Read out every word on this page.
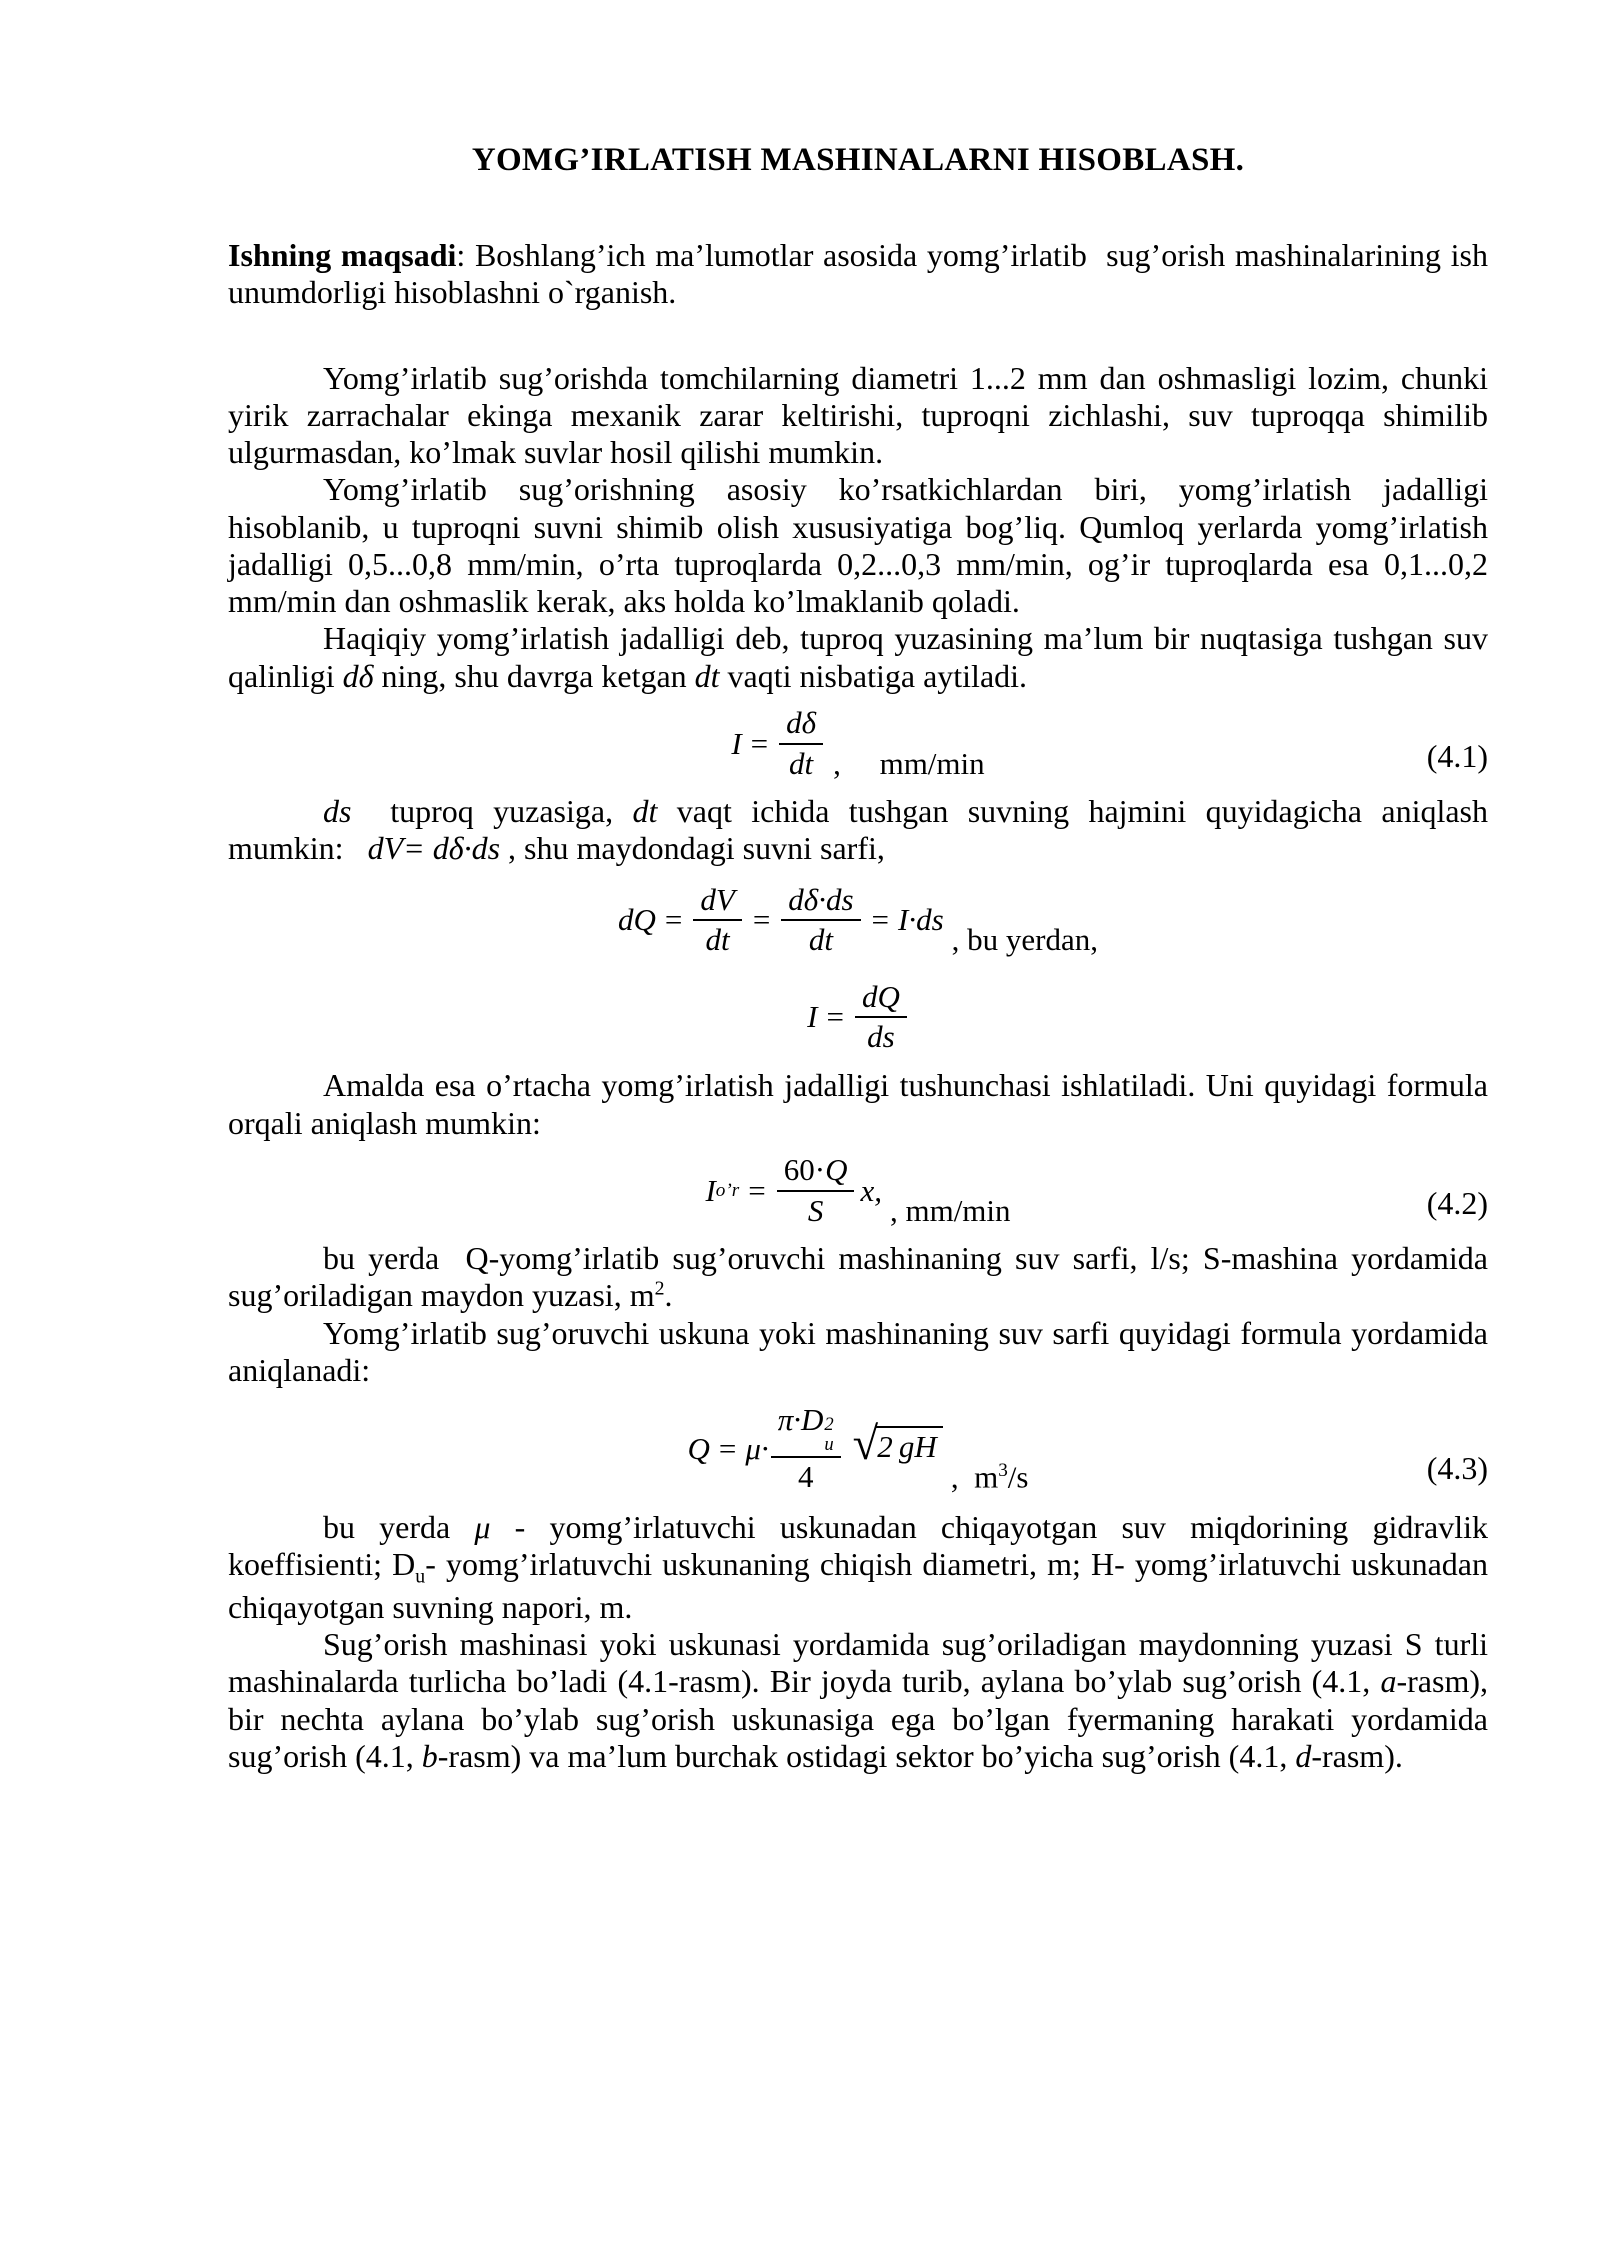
YOMG’IRLATISH MASHINALARNI HISOBLASH.

Ishning maqsadi: Boshlang’ich ma’lumotlar asosida yomg’irlatib  sug’orish mashinalarining ish unumdorligi hisoblashni o`rganish.

Yomg’irlatib sug’orishda tomchilarning diametri 1...2 mm dan oshmasligi lozim, chunki yirik zarrachalar ekinga mexanik zarar keltirishi, tuproqni zichlashi, suv tuproqqa shimilib ulgurmasdan, ko’lmak suvlar hosil qilishi mumkin.

Yomg’irlatib sug’orishning asosiy ko’rsatkichlardan biri, yomg’irlatish jadalligi hisoblanib, u tuproqni suvni shimib olish xususiyatiga bog’liq. Qumloq yerlarda yomg’irlatish jadalligi 0,5...0,8 mm/min, o’rta tuproqlarda 0,2...0,3 mm/min, og’ir tuproqlarda esa 0,1...0,2 mm/min dan oshmaslik kerak, aks holda ko’lmaklanib qoladi.

Haqiqiy yomg’irlatish jadalligi deb, tuproq yuzasining ma’lum bir nuqtasiga tushgan suv qalinligi dδ ning, shu davrga ketgan dt vaqti nisbatiga aytiladi.

$I = \frac{d\delta}{dt}$ ,     mm/min	(4.1)

ds  tuproq yuzasiga, dt vaqt ichida tushgan suvning hajmini quyidagicha aniqlash mumkin:   dV= dδ·ds , shu maydondagi suvni sarfi,

dQ = $\frac{dV}{dt} = \frac{d\delta\cdot ds}{dt} = I\cdot ds$
, bu yerdan,
$I = \frac{dQ}{ds}$

Amalda esa o’rtacha yomg’irlatish jadalligi tushunchasi ishlatiladi. Uni quyidagi formula orqali aniqlash mumkin:

I o’r = $\frac{60\cdot Q}{S} x$,
, mm/min	(4.2)

bu yerda  Q-yomg’irlatib sug’oruvchi mashinaning suv sarfi, l/s; S-mashina yordamida sug’oriladigan maydon yuzasi, $m^2$.

Yomg’irlatib sug’oruvchi uskuna yoki mashinaning suv sarfi quyidagi formula yordamida aniqlanadi:

Q = μ· π·D 2
u
4 √ 2 gH
,  $m^3/s$	(4.3)

bu yerda μ - yomg’irlatuvchi uskunadan chiqayotgan suv miqdorining gidravlik koeffisienti; $D_u-$ yomg’irlatuvchi uskunaning chiqish diametri, m; H- yomg’irlatuvchi uskunadan chiqayotgan suvning napori, m.

Sug’orish mashinasi yoki uskunasi yordamida sug’oriladigan maydonning yuzasi S turli mashinalarda turlicha bo’ladi (4.1-rasm). Bir joyda turib, aylana bo’ylab sug’orish (4.1, a-rasm), bir nechta aylana bo’ylab sug’orish uskunasiga ega bo’lgan fyermaning harakati yordamida sug’orish (4.1, b-rasm) va ma’lum burchak ostidagi sektor bo’yicha sug’orish (4.1, d-rasm).
